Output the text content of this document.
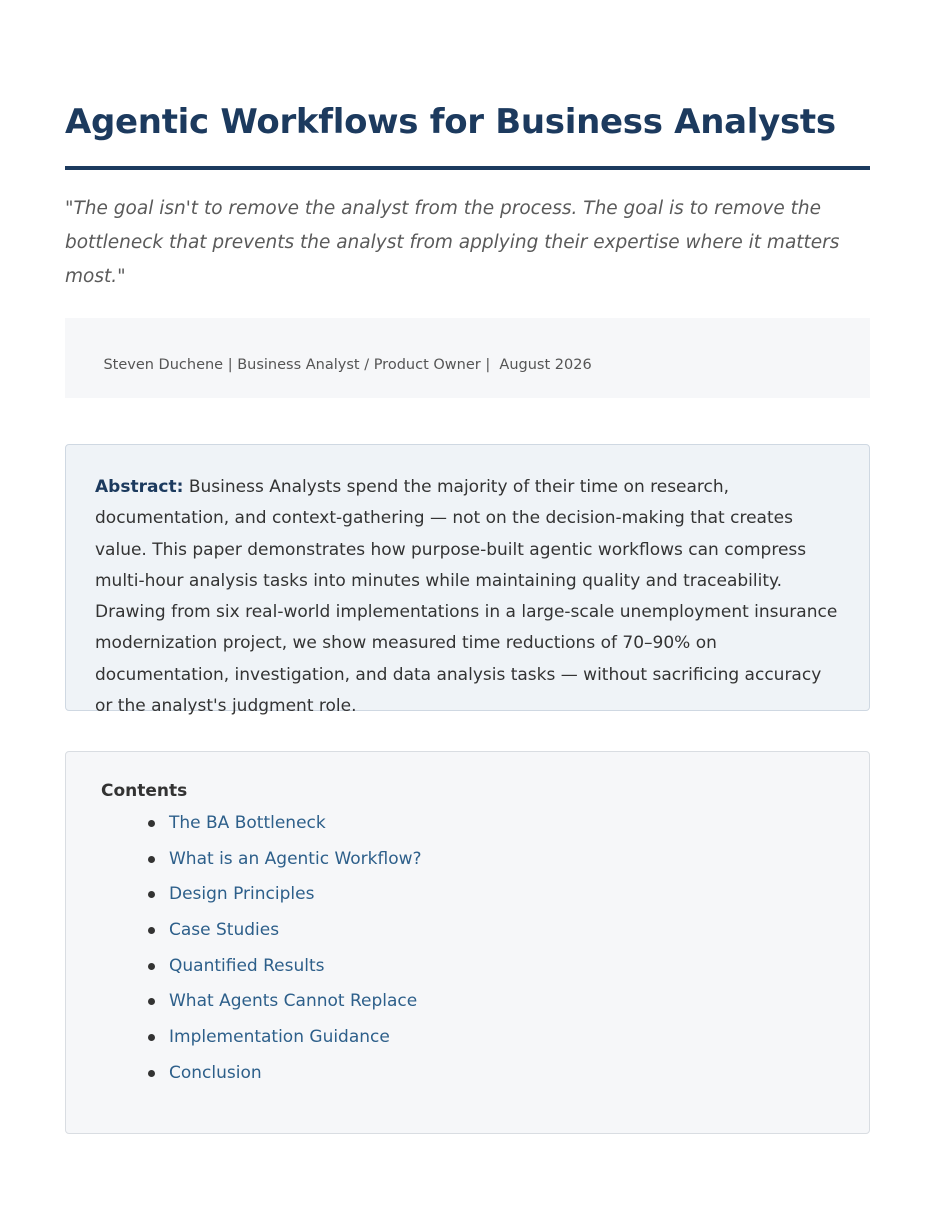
Agentic Workflows for Business Analysts
"The goal isn't to remove the analyst from the process. The goal is to remove the bottleneck that prevents the analyst from applying their expertise where it matters most."

Steven Duchene | Business Analyst / Product Owner |  August 2026

Abstract: Business Analysts spend the majority of their time on research, documentation, and context-gathering — not on the decision-making that creates value. This paper demonstrates how purpose-built agentic workflows can compress multi-hour analysis tasks into minutes while maintaining quality and traceability. Drawing from six real-world implementations in a large-scale unemployment insurance modernization project, we show measured time reductions of 70–90% on documentation, investigation, and data analysis tasks — without sacrificing accuracy or the analyst's judgment role.
Contents
The BA Bottleneck
What is an Agentic Workflow?
Design Principles
Case Studies
Quantified Results
What Agents Cannot Replace
Implementation Guidance
Conclusion
